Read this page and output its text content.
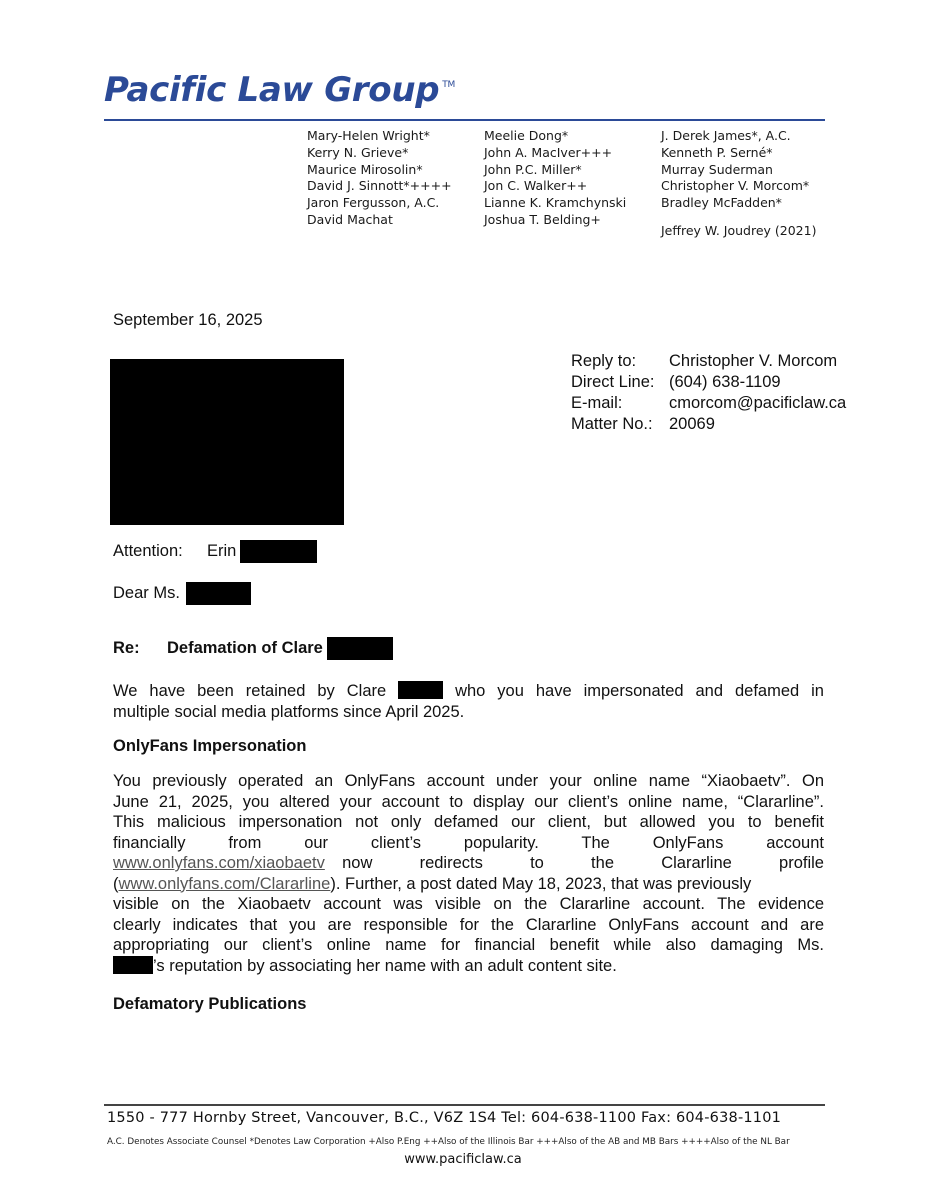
Pacific Law Group ™
Mary-Helen Wright*
Kerry N. Grieve*
Maurice Mirosolin*
David J. Sinnott*++++
Jaron Fergusson, A.C.
David Machat
Meelie Dong*
John A. MacIver+++
John P.C. Miller*
Jon C. Walker++
Lianne K. Kramchynski
Joshua T. Belding+
J. Derek James*, A.C.
Kenneth P. Serné*
Murray Suderman
Christopher V. Morcom*
Bradley McFadden*
Jeffrey W. Joudrey (2021)
September 16, 2025
Reply to:	Christopher V. Morcom
Direct Line: (604) 638-1109
E-mail:	cmorcom@pacificlaw.ca
Matter No.: 20069
Attention:	Erin
Dear Ms.
Re:	Defamation of Clare
We have been retained by Clare	who you have impersonated and defamed in
multiple social media platforms since April 2025.
OnlyFans Impersonation
You previously operated an OnlyFans account under your online name “Xiaobaetv”. On
June 21, 2025, you altered your account to display our client’s online name, “Clararline”.
This malicious impersonation not only defamed our client, but allowed you to benefit
financially from our client’s popularity. The OnlyFans account
www.onlyfans.com/xiaobaetv now redirects to the Clararline profile
(www.onlyfans.com/Clararline). Further, a post dated May 18, 2023, that was previously
visible on the Xiaobaetv account was visible on the Clararline account. The evidence
clearly indicates that you are responsible for the Clararline OnlyFans account and are
appropriating our client’s online name for financial benefit while also damaging Ms.
’s reputation by associating her name with an adult content site.
Defamatory Publications
1550 - 777 Hornby Street, Vancouver, B.C., V6Z 1S4 Tel: 604-638-1100 Fax: 604-638-1101
A.C. Denotes Associate Counsel *Denotes Law Corporation +Also P.Eng ++Also of the Illinois Bar +++Also of the AB and MB Bars ++++Also of the NL Bar
www.pacificlaw.ca
